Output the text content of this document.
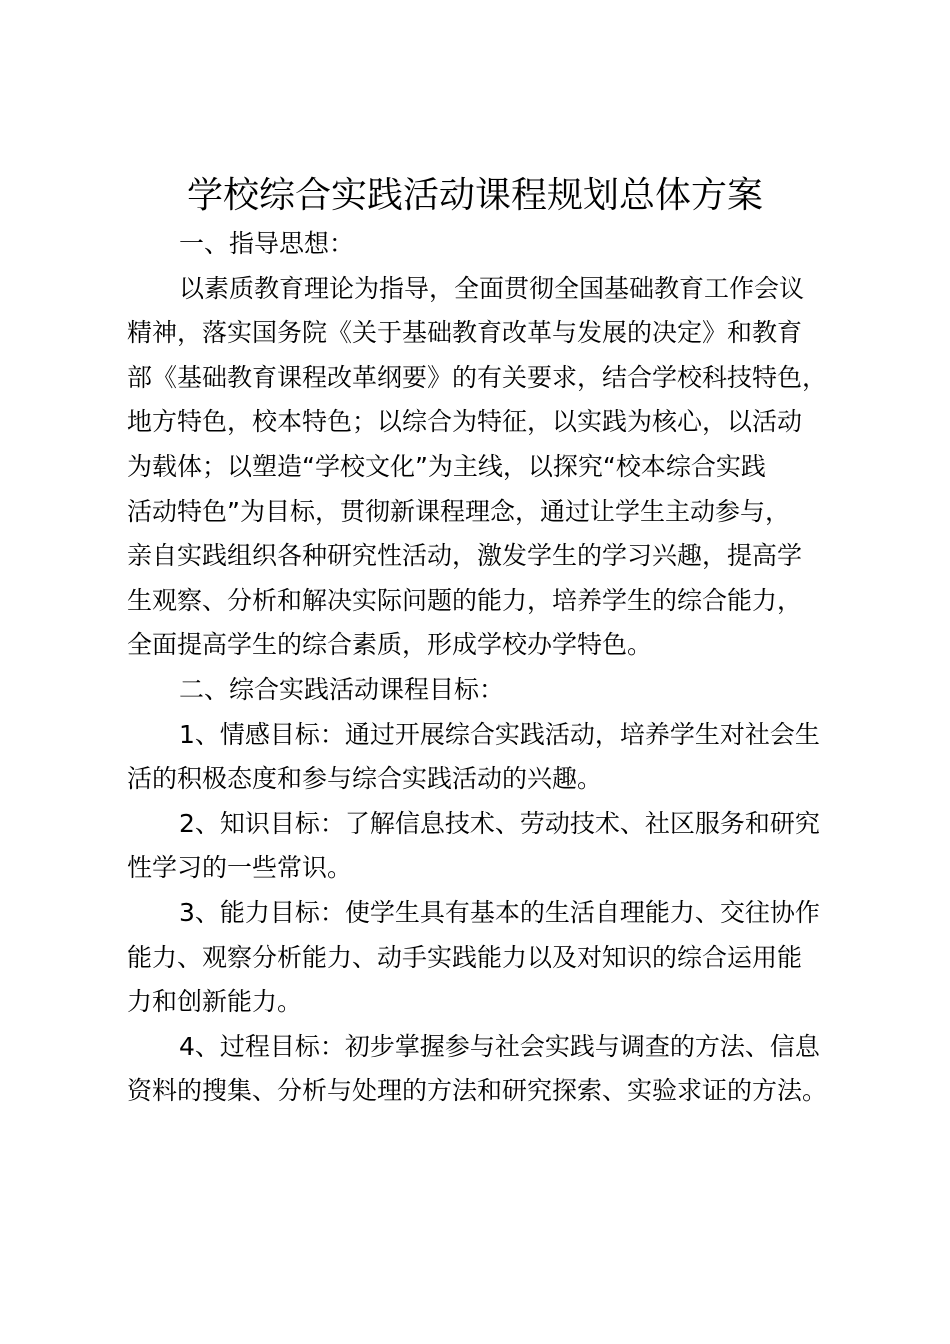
学校综合实践活动课程规划总体方案
一、指导思想：
以素质教育理论为指导，全面贯彻全国基础教育工作会议
精神，落实国务院《关于基础教育改革与发展的决定》和教育
部《基础教育课程改革纲要》的有关要求，结合学校科技特色，
地方特色，校本特色；以综合为特征，以实践为核心，以活动
为载体；以塑造“学校文化”为主线，以探究“校本综合实践
活动特色”为目标，贯彻新课程理念，通过让学生主动参与，
亲自实践组织各种研究性活动，激发学生的学习兴趣，提高学
生观察、分析和解决实际问题的能力，培养学生的综合能力，
全面提高学生的综合素质，形成学校办学特色。
二、综合实践活动课程目标：
1、情感目标：通过开展综合实践活动，培养学生对社会生
活的积极态度和参与综合实践活动的兴趣。
2、知识目标：了解信息技术、劳动技术、社区服务和研究
性学习的一些常识。
3、能力目标：使学生具有基本的生活自理能力、交往协作
能力、观察分析能力、动手实践能力以及对知识的综合运用能
力和创新能力。
4、过程目标：初步掌握参与社会实践与调查的方法、信息
资料的搜集、分析与处理的方法和研究探索、实验求证的方法。
